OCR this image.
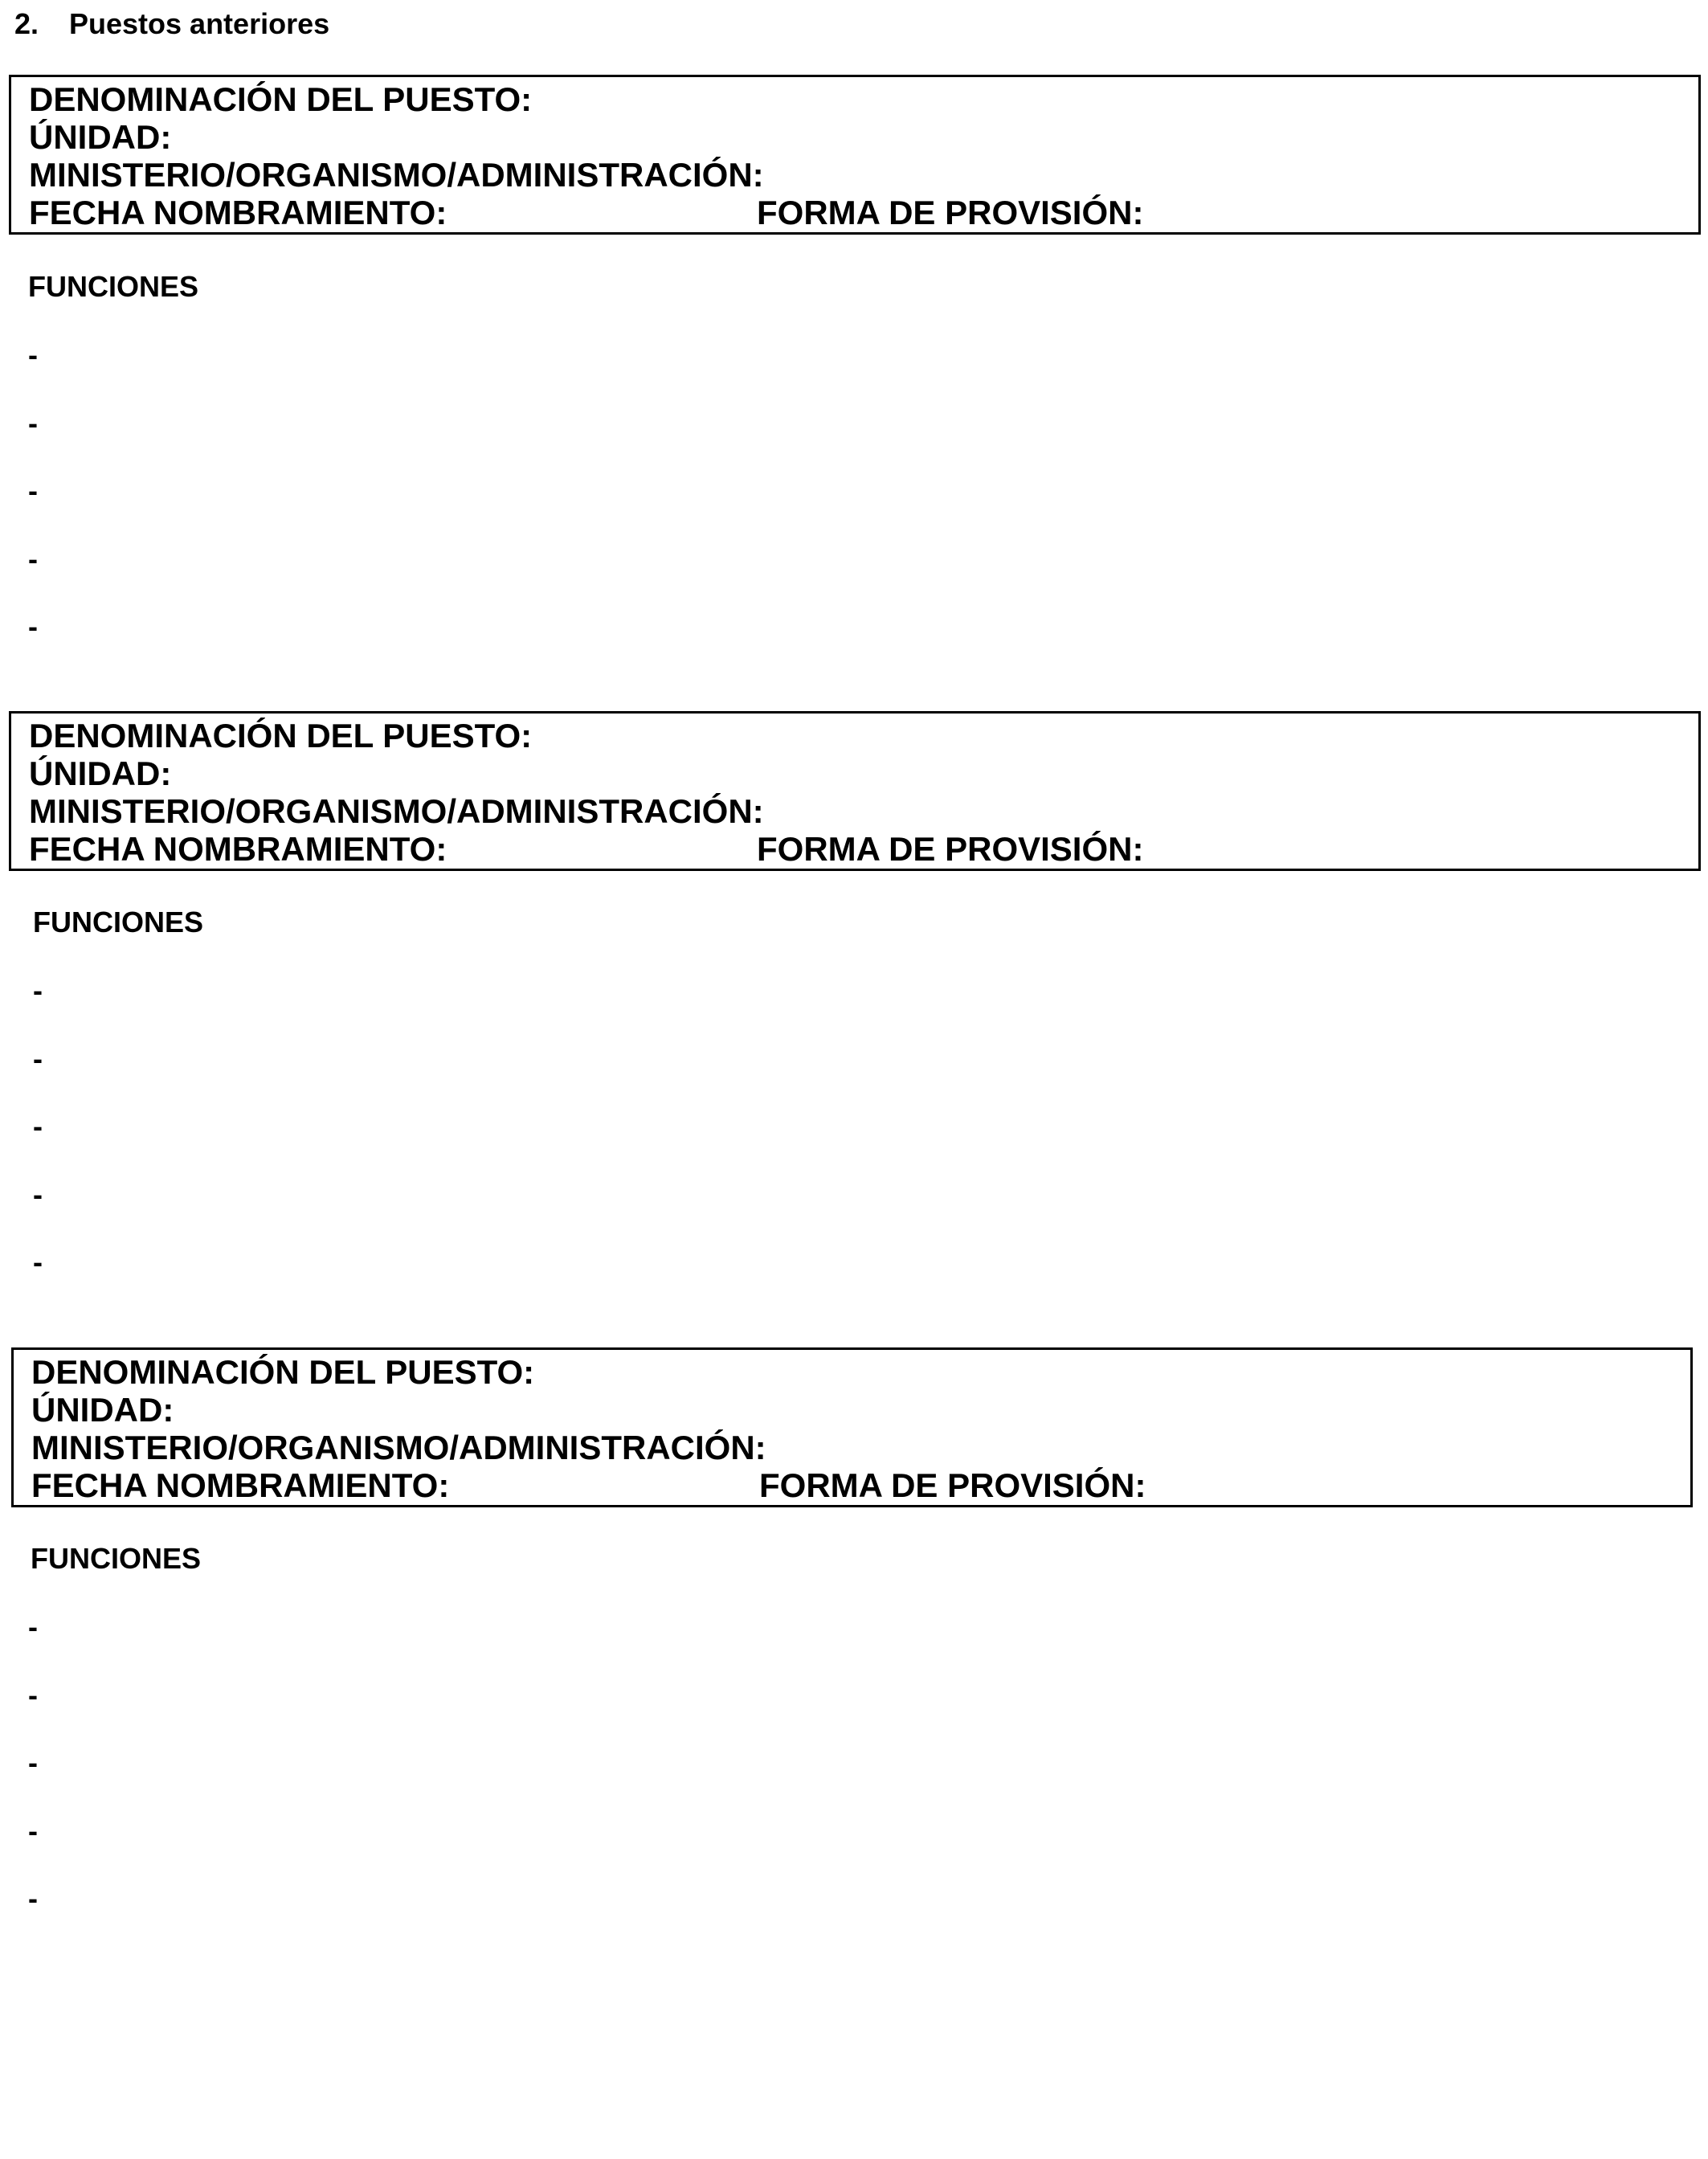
2. Puestos anteriores
DENOMINACIÓN DEL PUESTO:
ÚNIDAD:
MINISTERIO/ORGANISMO/ADMINISTRACIÓN:
FECHA NOMBRAMIENTO:	FORMA DE PROVISIÓN:
FUNCIONES
-
-
-
-
-
DENOMINACIÓN DEL PUESTO:
ÚNIDAD:
MINISTERIO/ORGANISMO/ADMINISTRACIÓN:
FECHA NOMBRAMIENTO:	FORMA DE PROVISIÓN:
FUNCIONES
-
-
-
-
-
DENOMINACIÓN DEL PUESTO:
ÚNIDAD:
MINISTERIO/ORGANISMO/ADMINISTRACIÓN:
FECHA NOMBRAMIENTO:	FORMA DE PROVISIÓN:
FUNCIONES
-
-
-
-
-
